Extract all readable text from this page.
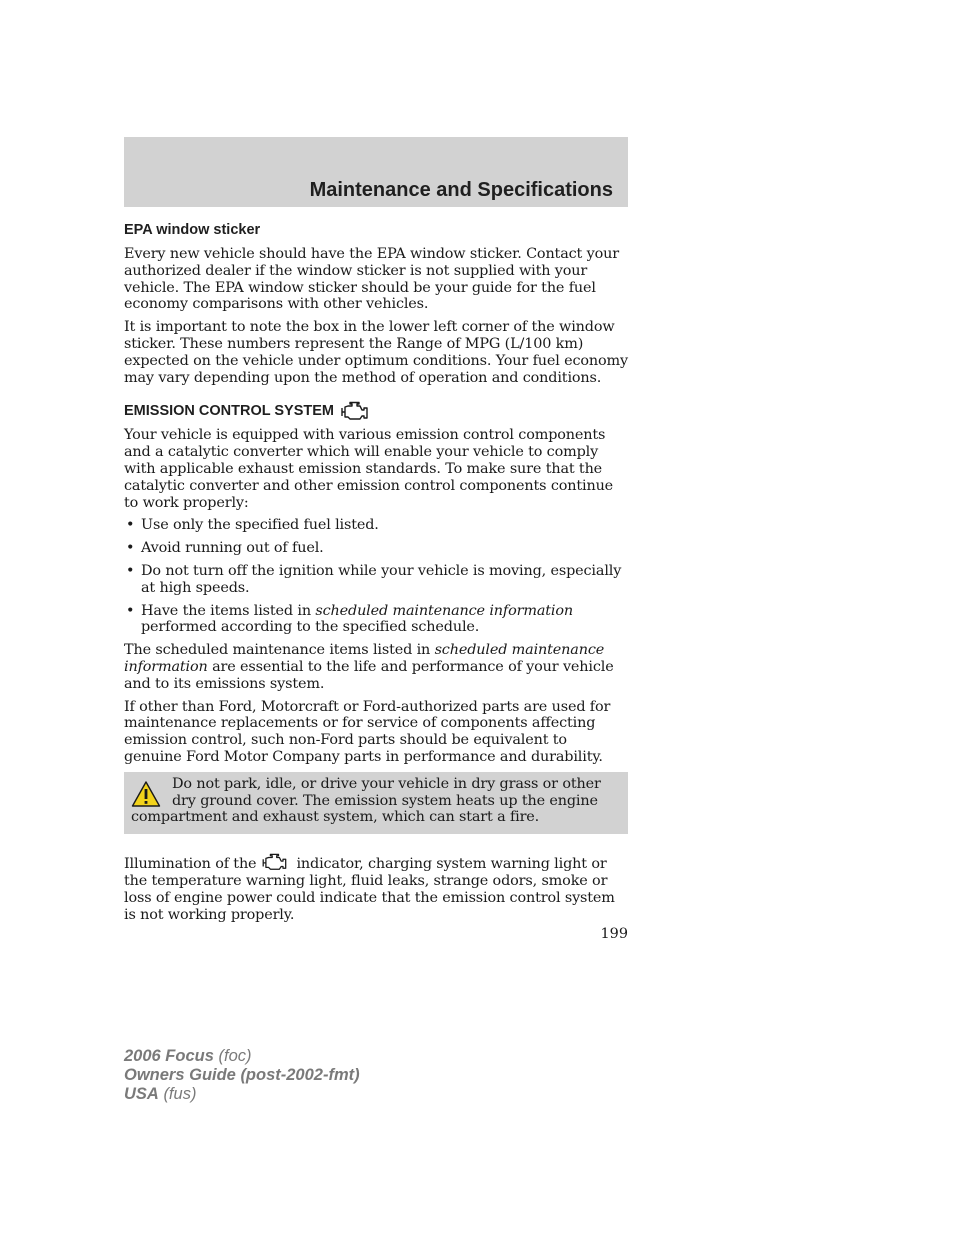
Maintenance and Specifications
EPA window sticker

Every new vehicle should have the EPA window sticker. Contact your authorized dealer if the window sticker is not supplied with your vehicle. The EPA window sticker should be your guide for the fuel economy comparisons with other vehicles.

It is important to note the box in the lower left corner of the window sticker. These numbers represent the Range of MPG (L/100 km) expected on the vehicle under optimum conditions. Your fuel economy may vary depending upon the method of operation and conditions.

EMISSION CONTROL SYSTEM

Your vehicle is equipped with various emission control components and a catalytic converter which will enable your vehicle to comply with applicable exhaust emission standards. To make sure that the catalytic converter and other emission control components continue to work properly:

• Use only the specified fuel listed.
• Avoid running out of fuel.
• Do not turn off the ignition while your vehicle is moving, especially at high speeds.
• Have the items listed in scheduled maintenance information performed according to the specified schedule.

The scheduled maintenance items listed in scheduled maintenance information are essential to the life and performance of your vehicle and to its emissions system.

If other than Ford, Motorcraft or Ford-authorized parts are used for maintenance replacements or for service of components affecting emission control, such non-Ford parts should be equivalent to genuine Ford Motor Company parts in performance and durability.

Do not park, idle, or drive your vehicle in dry grass or other dry ground cover. The emission system heats up the engine compartment and exhaust system, which can start a fire.

Illumination of the	indicator, charging system warning light or the temperature warning light, fluid leaks, strange odors, smoke or loss of engine power could indicate that the emission control system is not working properly.

199
2006 Focus (foc)
Owners Guide (post-2002-fmt)
USA (fus)
